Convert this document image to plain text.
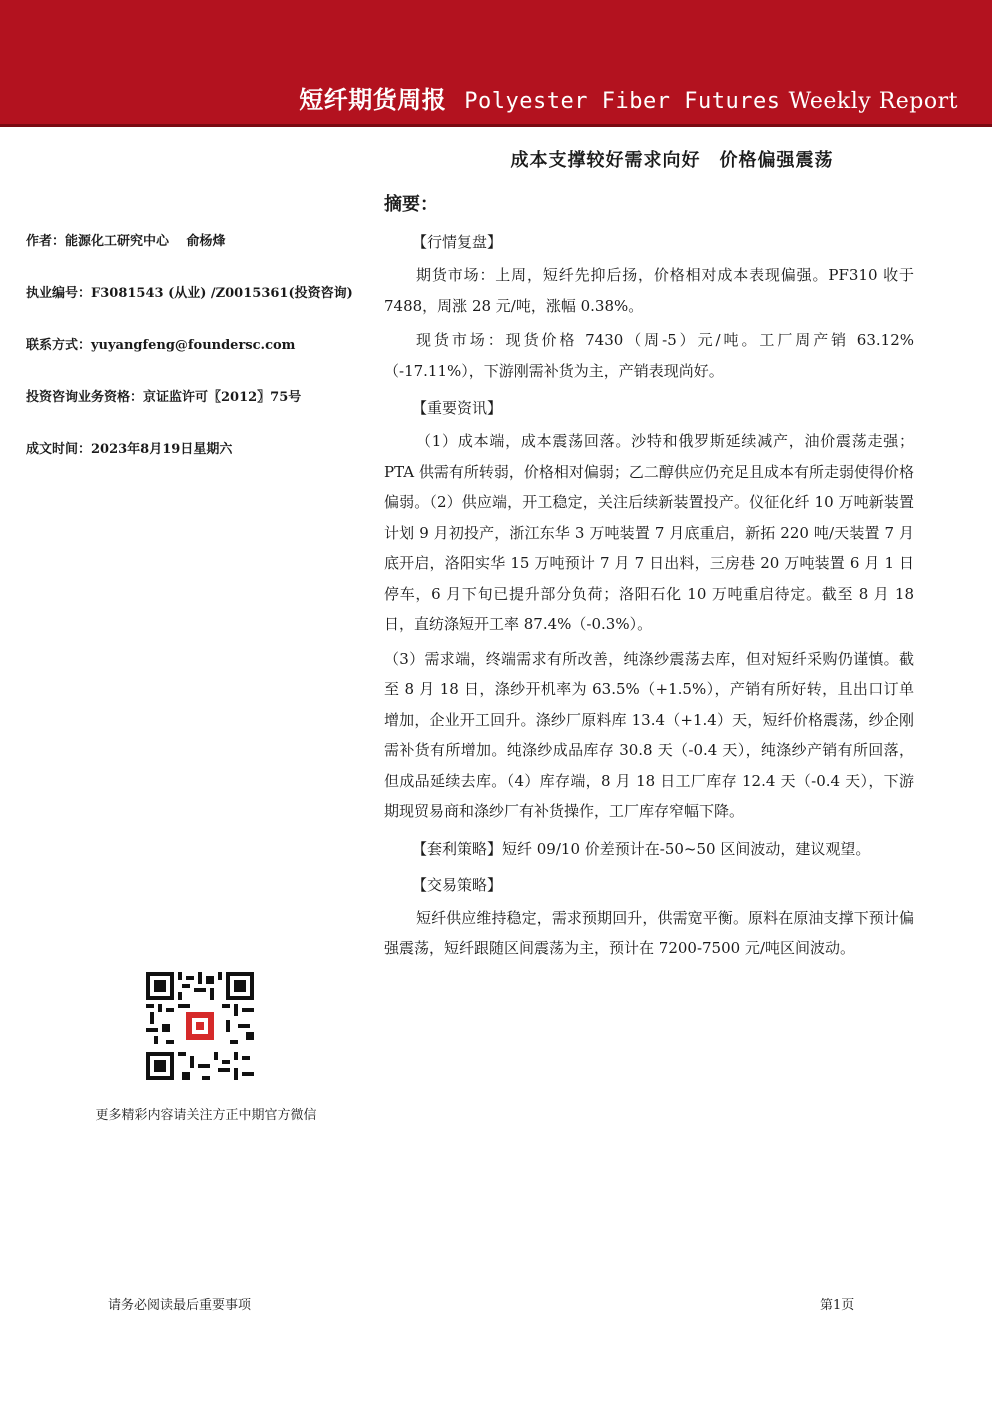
短纤期货周报 Polyester Fiber Futures Weekly Report
作者：能源化工研究中心　 俞杨烽
执业编号：F3081543 (从业) /Z0015361(投资咨询)
联系方式：yuyangfeng@foundersc.com
投资咨询业务资格：京证监许可〖2012〗75号
成文时间：2023年8月19日星期六
更多精彩内容请关注方正中期官方微信
成本支撑较好需求向好　价格偏强震荡
摘要：
【行情复盘】

期货市场：上周，短纤先抑后扬，价格相对成本表现偏强。PF310 收于 7488，周涨 28 元/吨，涨幅 0.38%。

现货市场：现货价格 7430（周-5）元/吨。工厂周产销 63.12%（-17.11%），下游刚需补货为主，产销表现尚好。

【重要资讯】

（1）成本端，成本震荡回落。沙特和俄罗斯延续减产，油价震荡走强；PTA 供需有所转弱，价格相对偏弱；乙二醇供应仍充足且成本有所走弱使得价格偏弱。（2）供应端，开工稳定，关注后续新装置投产。仪征化纤 10 万吨新装置计划 9 月初投产，浙江东华 3 万吨装置 7 月底重启，新拓 220 吨/天装置 7 月底开启，洛阳实华 15 万吨预计 7 月 7 日出料，三房巷 20 万吨装置 6 月 1 日停车，6 月下旬已提升部分负荷；洛阳石化 10 万吨重启待定。截至 8 月 18 日，直纺涤短开工率 87.4%（-0.3%）。

（3）需求端，终端需求有所改善，纯涤纱震荡去库，但对短纤采购仍谨慎。截至 8 月 18 日，涤纱开机率为 63.5%（+1.5%），产销有所好转，且出口订单增加，企业开工回升。涤纱厂原料库 13.4（+1.4）天，短纤价格震荡，纱企刚需补货有所增加。纯涤纱成品库存 30.8 天（-0.4 天），纯涤纱产销有所回落，但成品延续去库。（4）库存端，8 月 18 日工厂库存 12.4 天（-0.4 天），下游期现贸易商和涤纱厂有补货操作，工厂库存窄幅下降。

【套利策略】短纤 09/10 价差预计在-50~50 区间波动，建议观望。
【交易策略】

短纤供应维持稳定，需求预期回升，供需宽平衡。原料在原油支撑下预计偏强震荡，短纤跟随区间震荡为主，预计在 7200-7500 元/吨区间波动。

请务必阅读最后重要事项	第1页
